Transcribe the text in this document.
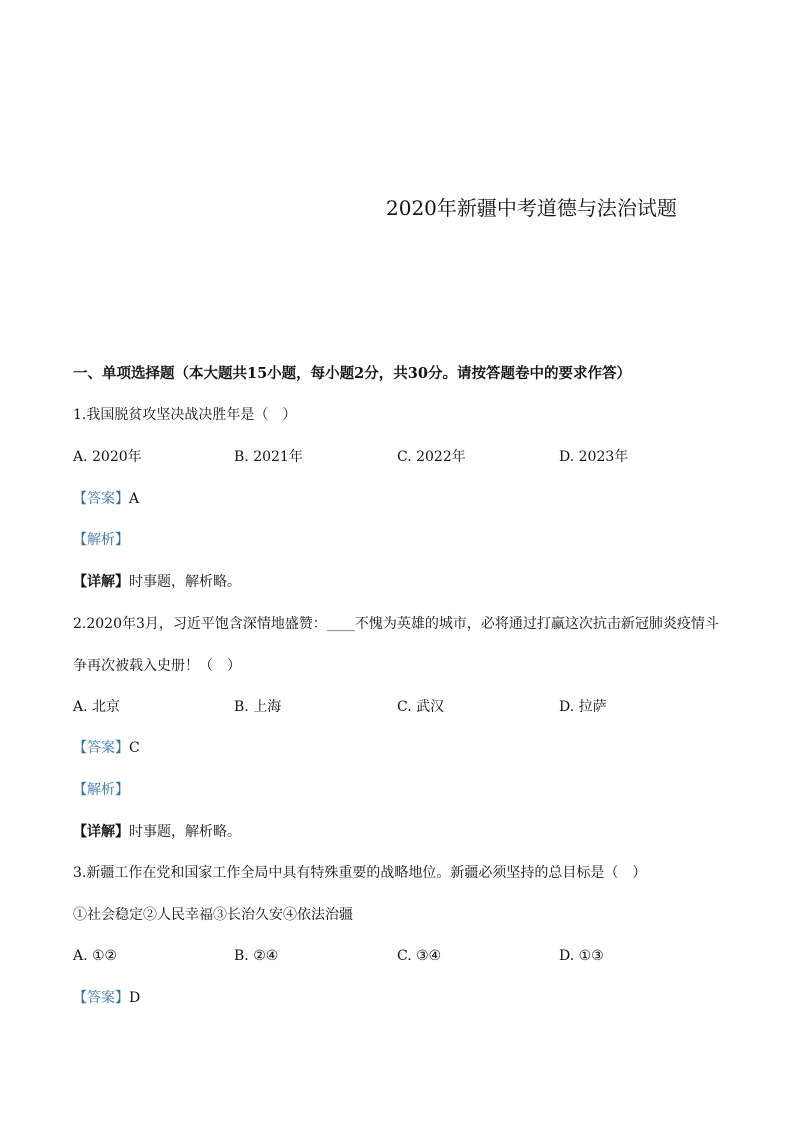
2020年新疆中考道德与法治试题
一、单项选择题（本大题共15小题，每小题2分，共30分。请按答题卷中的要求作答）
1.我国脱贫攻坚决战决胜年是（　）
A. 2020年	B. 2021年	C. 2022年	D. 2023年
【答案】A
【解析】
【详解】时事题，解析略。
2.2020年3月，习近平饱含深情地盛赞：____不愧为英雄的城市，必将通过打赢这次抗击新冠肺炎疫情斗
争再次被载入史册！（　）
A. 北京	B. 上海	C. 武汉	D. 拉萨
【答案】C
【解析】
【详解】时事题，解析略。
3.新疆工作在党和国家工作全局中具有特殊重要的战略地位。新疆必须坚持的总目标是（　）
①社会稳定②人民幸福③长治久安④依法治疆
A. ①②	B. ②④	C. ③④	D. ①③
【答案】D
